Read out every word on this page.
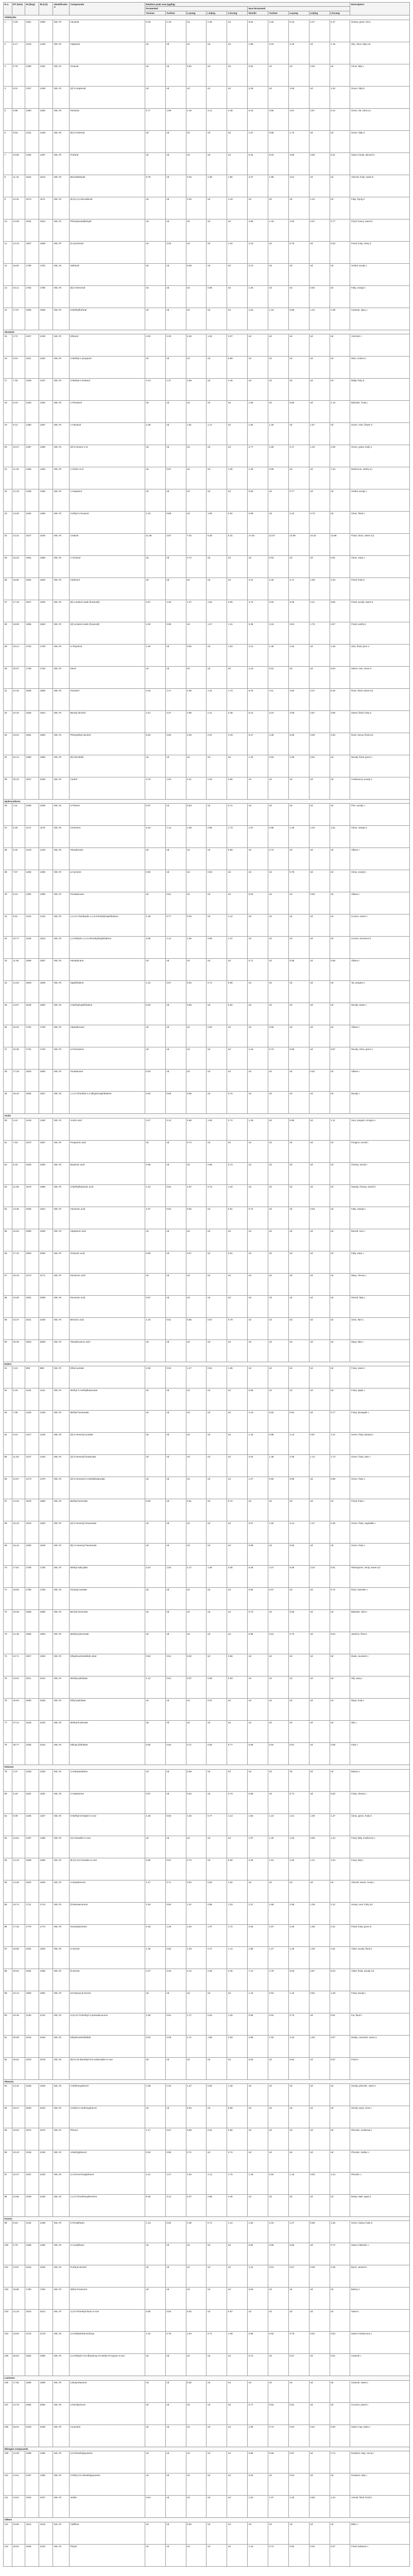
N o.	RT (min)	RI (Exp)	RI (Lit)	Identification	Compounds	Relative peak area (µg/kg)										Descriptors
						Fermented					Non-fermented					
						Yunnan	Yushan	Luyang	Linjing	Lincang	Dianlin	Yushan	Luyang	Linjing	Lincang	
Aldehydes																
1	3.48	1051	1050	MS, RI	Hexanal	9.48	2.19	nd	2.45	nd	8.02	4.32	5.42	4.27	4.47	Grassy, green, fat a
2	5.17	1223	1228	MS, RI	Heptanal	nd	nd	nd	nd	nd	1.98	2.04	3.16	nd	1.15	Oily, citrus, fatty a,b
3	6.76	1289	1291	MS, RI	Octanal	nd	nd	0.82	nd	nd	0.81	nd	nd	2.53	nd	Citrus, fatty c
4	8.01	1337	1335	MS, RI	(Z)-2-Heptenal	nd	nd	nd	nd	nd	2.25	nd	1.65	nd	1.32	Green, fatty b
5	8.88	1390	1392	MS, RI	Nonanal	6.77	1.89	4.15	3.11	2.48	6.42	3.55	4.67	3.87	5.12	Green, fat, citrus a,c
6	9.53	1431	1429	MS, RI	(E)-2-Octenal	nd	nd	nd	nd	nd	1.07	0.86	1.73	nd	nd	Green, fatty d
7	10.06	1494	1497	MS, RI	Furfural	nd	nd	nd	nd	nd	6.34	5.02	4.68	3.66	5.21	Sweet, bread, almond a
8	11.44	1524	1523	MS, RI	Benzaldehyde	8.79	nd	4.02	2.48	1.65	3.37	1.98	2.51	nd	nd	Almond, fruity, sweet b
9	12.31	1573	1571	MS, RI	(E,E)-2,4-Decadienal	nd	nd	2.02	nd	1.18	nd	nd	nd	1.22	nd	Fatty, frying d
10	13.08	1632	1634	MS, RI	Phenylacetaldehyde	nd	nd	nd	nd	nd	2.56	1.43	1.92	2.07	0.77	Floral, honey, sweet b
11	14.15	1657	1659	MS, RI	β-Cyclocitral	nd	3.03	nd	nd	1.24	2.43	nd	0.76	nd	0.63	Floral, fruity, minty d
12	15.00	1705	1702	MS, RI	Safranal	nd	nd	0.58	nd	nd	0.73	nd	nd	nd	nd	Herbal, woody c
13	16.11	1762	1765	MS, RI	(E)-2-Decenal	nd	nd	nd	0.68	nd	1.25	nd	nd	0.92	nd	Fatty, orange c
14	17.57	1836	1838	MS, RI	5-Methylfurfural	nd	nd	nd	nd	nd	1.53	1.16	0.88	1.42	1.08	Caramel, spicy c
Alcohols																
15	3.72	1037	1036	MS, RI	Ethanol	4.02	2.33	2.46	1.25	3.07	nd	nd	nd	nd	nd	Alcoholic c
16	6.04	1151	1150	MS, RI	2-Methyl-1-propanol	nd	nd	nd	nd	0.89	nd	nd	nd	nd	nd	Wine, solvent c
17	7.49	1208	1207	MS, RI	3-Methyl-1-butanol	4.13	1.37	1.88	nd	2.46	nd	nd	nd	nd	nd	Malty, fruity b
18	8.34	1253	1252	MS, RI	1-Pentanol	nd	nd	nd	nd	nd	1.05	nd	0.86	nd	1.13	Balsamic, fruity c
19	9.12	1360	1357	MS, RI	1-Hexanol	2.39	nd	1.61	1.17	nd	1.84	1.25	nd	1.67	nd	Green, resin, flower b
20	10.27	1387	1386	MS, RI	(Z)-3-Hexen-1-ol	nd	nd	nd	nd	nd	2.77	1.86	2.17	1.32	2.05	Green, grass, leafy a
21	11.20	1455	1453	MS, RI	1-Octen-3-ol	nd	0.87	nd	nd	1.05	1.49	0.96	nd	nd	1.34	Mushroom, earthy a,c
22	12.18	1468	1466	MS, RI	1-Heptanol	nd	nd	nd	nd	nd	0.62	nd	0.77	nd	nd	Herbal, woody c
23	13.26	1492	1490	MS, RI	2-Ethyl-1-hexanol	1.34	0.88	nd	1.06	0.91	0.96	nd	1.22	0.73	nd	Citrus, floral c
24	14.41	1547	1545	MS, RI	Linalool	11.36	4.87	7.02	5.48	6.31	17.84	12.07	13.69	10.42	14.86	Floral, citrus, sweet a,b
25	15.23	1561	1558	MS, RI	1-Octanol	nd	nd	0.74	nd	nd	nd	0.63	nd	nd	0.81	Citrus, waxy c
26	16.05	1604	1603	MS, RI	Hotrienol	nd	nd	nd	nd	nd	3.14	2.26	2.71	1.68	2.33	Floral, fruity b
27	17.19	1627	1625	MS, RI	(E)-Linalool oxide (furanoid)	2.67	1.46	1.37	1.52	2.05	4.73	3.02	3.45	2.41	3.86	Floral, woody, sweet a
28	18.06	1655	1653	MS, RI	(Z)-Linalool oxide (furanoid)	1.92	0.96	nd	1.27	1.41	3.36	2.16	2.84	1.75	2.57	Floral, earthy b
29	19.14	1702	1700	MS, RI	α-Terpineol	1.46	nd	0.92	nd	1.03	2.21	1.36	1.62	nd	1.48	Lilac, floral, pine a
30	20.07	1765	1763	MS, RI	Nerol	nd	nd	nd	nd	nd	1.16	0.81	nd	nd	0.94	Sweet, rose, citrus d
31	21.40	1808	1806	MS, RI	Geraniol	3.18	1.17	2.05	1.44	1.73	6.78	4.11	4.92	3.37	5.26	Rose, floral, sweet a,b
32	22.34	1845	1844	MS, RI	Benzyl alcohol	4.41	2.37	2.96	2.11	3.48	5.12	3.24	4.08	2.87	3.95	Sweet, floral, fruity b
33	23.01	1881	1883	MS, RI	Phenylethyl alcohol	5.63	2.82	3.46	2.57	4.19	6.47	4.35	5.06	3.69	4.83	Rose, honey, floral a,b
34	24.12	1960	1958	MS, RI	(E)-Nerolidol	nd	nd	nd	nd	nd	1.43	0.92	1.06	0.84	nd	Woody, floral, green c
35	25.23	2037	2036	MS, RI	Cedrol	3.76	1.94	2.41	2.03	2.65	nd	nd	nd	nd	nd	Cedarwood, woody a
Hydrocarbons																
36	4.11	1008	1009	MS, RI	α-Pinene	0.87	nd	0.63	nd	0.71	nd	nd	nd	nd	nd	Pine, woody c
37	5.26	1174	1176	MS, RI	Limonene	2.34	1.12	1.48	0.96	1.73	1.87	0.95	1.28	1.04	1.51	Citrus, orange a
38	6.32	1243	1245	MS, RI	Tetradecane	nd	nd	nd	nd	0.58	nd	0.72	nd	nd	nd	Alkane c
39	7.57	1282	1280	MS, RI	p-Cymene	0.92	nd	nd	0.63	nd	nd	nd	0.78	nd	nd	Citrus, woody c
40	8.44	1394	1396	MS, RI	Pentadecane	nd	0.51	nd	nd	nd	0.64	nd	nd	0.56	nd	Alkane c
41	9.61	1444	1443	MS, RI	1,2,3,4-Tetrahydro-1,1,6-trimethylnaphthalene	1.36	0.77	0.94	nd	1.12	nd	nd	nd	nd	nd	Licorice, sweet c
42	10.77	1525	1523	MS, RI	1,2-Dihydro-1,1,6-trimethylnaphthalene	2.08	1.14	1.56	0.96	1.37	nd	nd	nd	nd	nd	Licorice, kerosene b
43	11.92	1599	1597	MS, RI	Hexadecane	nd	nd	nd	nd	nd	0.71	nd	0.58	nd	0.66	Alkane c
44	12.84	1603	1605	MS, RI	Naphthalene	1.22	0.67	0.84	0.71	0.96	nd	nd	nd	nd	nd	Tar, pungent c
45	13.97	1648	1650	MS, RI	2-Methylnaphthalene	0.84	nd	0.56	nd	0.62	nd	nd	nd	nd	nd	Woody, sweet c
46	15.02	1702	1700	MS, RI	Heptadecane	nd	nd	nd	0.54	nd	nd	0.59	nd	nd	nd	Alkane c
47	16.35	1731	1733	MS, RI	α-Farnesene	nd	nd	nd	nd	nd	1.18	0.73	0.96	nd	0.87	Woody, citrus, green c
48	17.29	1803	1800	MS, RI	Octadecane	0.63	nd	nd	nd	nd	nd	nd	nd	0.52	nd	Alkane c
49	18.42	1825	1827	MS, RI	1,1,5-Trimethyl-1,2-dihydronaphthalene	0.92	0.58	0.66	nd	0.74	nd	nd	nd	nd	nd	Woody c
Acids																
50	5.42	1449	1450	MS, RI	Acetic acid	3.47	2.14	2.86	1.63	2.74	1.28	nd	0.96	nd	1.11	Sour, pungent, vinegar a
51	7.63	1570	1567	MS, RI	Propanoic acid	nd	nd	0.74	nd	nd	nd	nd	nd	nd	nd	Pungent, rancid c
52	9.15	1628	1630	MS, RI	Butanoic acid	0.96	nd	nd	0.68	0.73	nd	nd	nd	nd	nd	Cheesy, rancid c
53	11.08	1670	1668	MS, RI	3-Methylbutanoic acid	1.42	0.81	1.07	0.73	1.16	nd	nd	nd	nd	nd	Sweaty, cheesy, rancid b
54	13.36	1846	1844	MS, RI	Hexanoic acid	1.07	0.64	0.82	nd	0.91	0.74	nd	nd	0.63	nd	Fatty, sweaty c
55	15.54	1950	1948	MS, RI	Heptanoic acid	nd	nd	nd	nd	nd	nd	nd	nd	nd	nd	Rancid, sour c
56	17.42	2063	2060	MS, RI	Octanoic acid	0.88	nd	0.57	nd	0.61	nd	nd	nd	nd	nd	Fatty, waxy c
57	19.18	2173	2171	MS, RI	Nonanoic acid	nd	nd	nd	nd	nd	nd	nd	nd	nd	nd	Waxy, cheesy c
58	22.06	2291	2289	MS, RI	Decanoic acid	0.67	nd	nd	nd	nd	nd	nd	nd	nd	nd	Rancid, fatty c
59	24.37	2431	2428	MS, RI	Benzoic acid	1.16	0.61	0.86	0.57	0.79	nd	nd	nd	nd	nd	Urine, faint c
60	26.28	2503	2500	MS, RI	Tetradecanoic acid	nd	nd	nd	nd	nd	nd	nd	nd	nd	nd	Waxy, fatty c
Esters																
61	3.24	883	885	MS, RI	Ethyl acetate	1.86	0.94	1.27	0.81	1.36	nd	nd	nd	nd	nd	Fruity, sweet c
62	5.19	1125	1122	MS, RI	Methyl 2-methylbutanoate	nd	nd	nd	nd	nd	0.68	nd	nd	nd	nd	Fruity, apple c
63	7.08	1233	1236	MS, RI	Methyl hexanoate	nd	nd	nd	nd	nd	1.16	0.82	0.94	nd	0.77	Fruity, pineapple c
64	9.44	1317	1319	MS, RI	(Z)-3-Hexenyl acetate	nd	nd	nd	nd	nd	1.42	0.96	1.13	0.87	1.21	Green, fruity, banana c
65	11.53	1427	1426	MS, RI	(Z)-3-Hexenyl butanoate	nd	nd	nd	nd	nd	2.04	1.38	1.66	1.12	1.73	Green, fruity, wine c
66	12.67	1473	1470	MS, RI	(Z)-3-Hexenyl 2-methylbutanoate	nd	nd	nd	nd	nd	1.27	0.82	0.96	nd	0.88	Green, fruity c
67	14.02	1578	1580	MS, RI	Methyl benzoate	0.93	nd	0.61	nd	0.72	nd	nd	nd	nd	nd	Floral, fruity c
68	15.18	1619	1620	MS, RI	(Z)-3-Hexenyl hexanoate	nd	nd	nd	nd	nd	2.67	1.82	2.14	1.47	2.36	Green, fruity, vegetable c
69	16.44	1650	1648	MS, RI	(E)-2-Hexenyl hexanoate	nd	nd	nd	nd	nd	0.86	nd	0.62	nd	nd	Green, fruity c
70	17.81	1708	1706	MS, RI	Methyl salicylate	3.24	1.53	2.17	1.48	2.06	6.48	4.27	5.06	3.34	5.61	Wintergreen, minty, sweet a,b
71	18.93	1785	1783	MS, RI	Geranyl acetate	nd	nd	nd	nd	nd	0.94	0.67	nd	nd	0.72	Rose, lavender c
72	20.26	1868	1865	MS, RI	Benzyl benzoate	nd	nd	nd	nd	nd	0.73	nd	0.56	nd	nd	Balsamic, faint c
73	21.48	1892	1894	MS, RI	Methyl jasmonate	nd	nd	nd	nd	nd	0.88	0.61	0.73	nd	0.64	Jasmine, floral c
74	22.71	1927	1925	MS, RI	Dihydroactinidiolide ester	0.84	0.51	0.62	nd	0.58	nd	nd	nd	nd	nd	Musk, coumarin c
75	24.02	2011	2013	MS, RI	Methyl palmitate	1.12	0.64	0.87	0.59	0.93	nd	nd	nd	nd	nd	Oily, waxy c
76	25.63	2050	2048	MS, RI	Ethyl palmitate	nd	nd	nd	0.57	nd	nd	nd	nd	nd	nd	Waxy, fruity c
77	27.14	2228	2225	MS, RI	Methyl linolenate	nd	nd	nd	nd	nd	nd	nd	nd	nd	nd	Oily c
78	28.77	2345	2343	MS, RI	Dibutyl phthalate	0.92	0.64	0.71	0.56	0.77	0.68	0.52	0.61	nd	0.59	Faint c
Ketones																
79	4.37	1038	1036	MS, RI	2,3-Butanedione	nd	nd	0.58	nd	nd	nd	nd	nd	nd	nd	Buttery c
80	6.18	1182	1184	MS, RI	2-Heptanone	0.87	nd	0.64	nd	0.73	0.96	nd	0.71	nd	0.62	Fruity, cheesy c
81	8.09	1335	1337	MS, RI	6-Methyl-5-hepten-2-one	1.46	0.83	1.02	0.77	1.13	1.92	1.24	1.51	1.06	1.37	Citrus, green, fruity b
82	10.51	1497	1495	MS, RI	3,5-Octadien-2-one	nd	nd	nd	nd	nd	1.87	1.26	1.53	0.96	1.42	Fruity, fatty, mushroom c
83	12.43	1586	1588	MS, RI	(E,E)-3,5-Octadien-2-one	0.96	0.57	0.73	nd	0.68	2.36	1.54	1.83	1.21	1.94	Fruity, fatty c
84	14.28	1622	1625	MS, RI	Acetophenone	1.27	0.71	0.94	0.63	1.02	nd	nd	nd	nd	nd	Almond, sweet, musty c
85	15.74	1711	1714	MS, RI	β-Damascenone	1.64	0.92	1.21	0.88	1.33	2.47	1.68	1.96	1.36	2.12	Honey, rose, fruity a,b
86	17.33	1770	1772	MS, RI	Geranylacetone	2.18	1.26	1.64	1.07	1.72	2.94	1.87	2.26	1.58	2.41	Floral, fruity, green b
87	18.96	1834	1833	MS, RI	α-Ionone	1.36	0.82	1.03	0.71	1.14	1.88	1.27	1.46	1.03	1.61	Violet, woody, floral a
88	20.61	1934	1936	MS, RI	β-Ionone	4.37	2.46	3.12	2.28	3.46	7.12	4.78	5.63	3.87	6.04	Violet, floral, woody a,b
89	22.14	1993	1991	MS, RI	5,6-Epoxy-β-ionone	nd	nd	nd	nd	nd	1.43	0.94	1.16	0.82	1.28	Fruity, woody c
90	23.49	2130	2132	MS, RI	6,10,14-Trimethyl-2-pentadecanone	1.58	0.91	1.17	0.84	1.26	0.96	0.62	0.73	nd	0.81	Fat, floral c
91	25.08	2344	2346	MS, RI	Dihydroactinidiolide	3.62	2.08	2.71	1.96	2.93	2.86	1.92	2.34	1.63	2.57	Musky, coumarin, sweet a
92	26.52	2379	2378	MS, RI	(E)-6,10-Dimethyl-5,9-undecadien-2-one	nd	nd	nd	nd	nd	0.84	nd	0.62	nd	0.67	Floral c
Phenols																
93	13.42	1948	1946	MS, RI	2-Methoxyphenol	1.86	1.04	1.37	0.92	1.48	nd	nd	nd	nd	nd	Smoky, phenolic, sweet c
94	16.27	2030	2032	MS, RI	4-Ethyl-2-methoxyphenol	nd	nd	0.64	nd	0.58	nd	nd	nd	nd	nd	Smoky, spicy, clove c
95	18.52	2072	2070	MS, RI	Phenol	1.17	0.67	0.88	0.61	0.96	nd	nd	nd	nd	nd	Phenolic, medicinal c
96	20.43	2105	2108	MS, RI	4-Methylphenol	0.92	0.56	0.71	nd	0.74	nd	nd	nd	nd	nd	Phenolic, leather c
97	22.37	2187	2190	MS, RI	2,4-Di-tert-butylphenol	2.21	1.27	1.63	1.12	1.76	1.46	0.94	1.18	0.83	1.24	Phenolic c
98	24.66	2238	2236	MS, RI	1,2,3-Trimethoxybenzene	5.48	3.12	4.07	2.86	4.36	nd	nd	nd	nd	nd	Musty, stale, aged a
Furans																
99	5.63	1232	1235	MS, RI	2-Pentylfuran	1.43	0.82	1.06	0.71	1.14	1.62	1.04	1.27	0.86	1.36	Green, beany, fruity b
100	9.78	1458	1460	MS, RI	2-Acetylfuran	nd	nd	nd	nd	nd	0.84	0.56	0.66	nd	0.72	Sweet, balsamic c
101	13.97	1642	1645	MS, RI	Furfuryl alcohol	nd	nd	nd	nd	nd	1.24	0.81	0.97	0.68	1.06	Burnt, caramel c
102	18.86	1760	1762	MS, RI	2(5H)-Furanone	nd	nd	nd	nd	nd	0.63	nd	nd	nd	nd	Buttery c
103	21.16	2010	2014	MS, RI	4,4,6-Trimethyl-furan-2-one	0.86	0.53	0.64	nd	0.67	nd	nd	nd	nd	nd	Sweet c
104	23.82	2176	2178	MS, RI	2,3-Dihydrobenzofuran	1.32	0.76	1.04	0.71	1.08	0.96	0.62	0.78	0.54	0.84	Sweet, herbaceous c
105	25.54	2364	2366	MS, RI	2,3-Dihydro-3,5-dihydroxy-6-methyl-4H-pyran-4-one	nd	nd	nd	nd	nd	0.74	nd	0.57	nd	0.61	Caramel c
Lactones																
106	17.66	1696	1699	MS, RI	γ-Butyrolactone	nd	nd	0.62	nd	nd	nd	nd	nd	nd	nd	Caramel, sweet c
107	21.79	2054	2052	MS, RI	γ-Nonalactone	nd	nd	nd	nd	nd	0.77	0.52	0.61	nd	nd	Coconut, peach c
108	26.01	2333	2330	MS, RI	Coumarin	nd	nd	nd	nd	nd	1.06	0.72	0.84	0.61	0.93	Sweet, hay, tonka c
Nitrogen compounds																
109	12.09	1398	1396	MS, RI	2,5-Dimethylpyrazine	nd	nd	nd	nd	nd	0.86	0.58	0.67	nd	0.74	Roasted, nutty, cocoa c
110	14.61	1487	1485	MS, RI	2-Ethyl-3,5-dimethylpyrazine	nd	nd	nd	nd	nd	0.64	nd	0.52	nd	nd	Roasted, nutty c
111	24.91	2434	2437	MS, RI	Indole	0.84	nd	nd	nd	nd	1.52	1.07	1.26	0.86	1.34	Animal, floral, fecal b
Others																
112	19.66	1812	1815	MS, RI	Caffeine	nd	nd	0.92	nd	nd	nd	nd	nd	nd	nd	Bitter c
113	25.91	2405	2403	MS, RI	Phytol	nd	nd	nd	nd	nd	1.16	0.74	0.92	0.63	0.97	Floral, balsamic c
